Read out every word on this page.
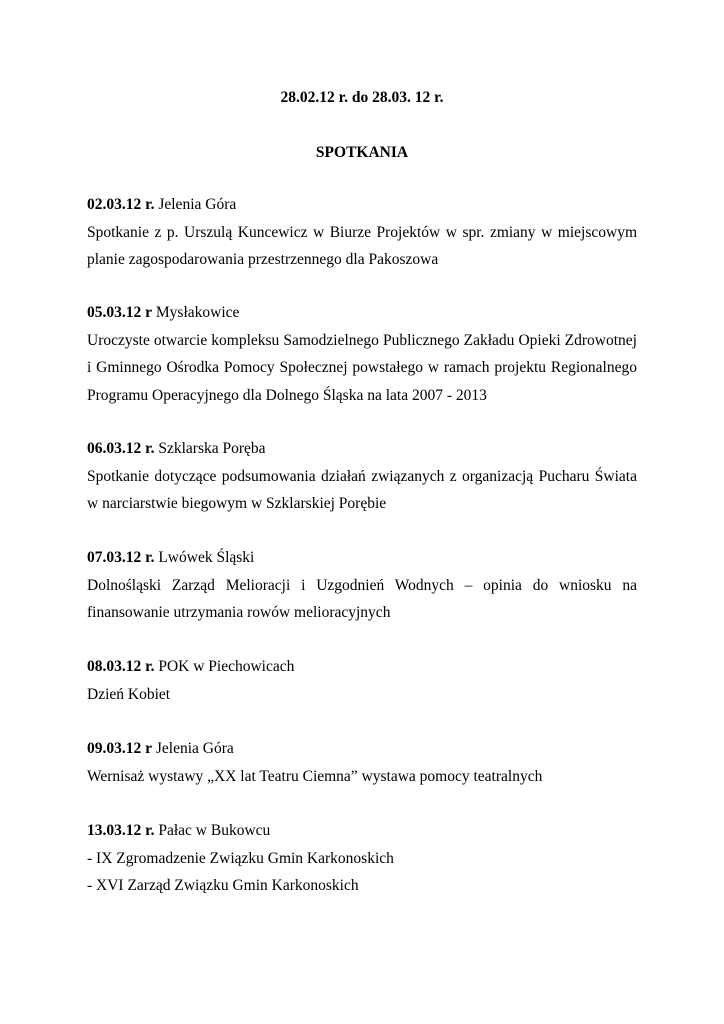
28.02.12 r. do 28.03. 12 r.
SPOTKANIA
02.03.12 r. Jelenia Góra
Spotkanie z p. Urszulą Kuncewicz w Biurze Projektów w spr. zmiany w miejscowym planie zagospodarowania przestrzennego dla Pakoszowa
05.03.12 r Mysłakowice
Uroczyste otwarcie kompleksu Samodzielnego Publicznego Zakładu Opieki Zdrowotnej i Gminnego Ośrodka Pomocy Społecznej powstałego w ramach projektu Regionalnego Programu Operacyjnego dla Dolnego Śląska na lata 2007 - 2013
06.03.12 r. Szklarska Poręba
Spotkanie dotyczące podsumowania działań związanych z organizacją Pucharu Świata w narciarstwie biegowym w Szklarskiej Porębie
07.03.12 r. Lwówek Śląski
Dolnośląski Zarząd Melioracji i Uzgodnień Wodnych – opinia do wniosku na finansowanie utrzymania rowów melioracyjnych
08.03.12 r. POK w Piechowicach
Dzień Kobiet
09.03.12 r Jelenia Góra
Wernisaż wystawy „XX lat Teatru Ciemna” wystawa pomocy teatralnych
13.03.12 r. Pałac w Bukowcu
- IX Zgromadzenie Związku Gmin Karkonoskich
- XVI Zarząd Związku Gmin Karkonoskich
